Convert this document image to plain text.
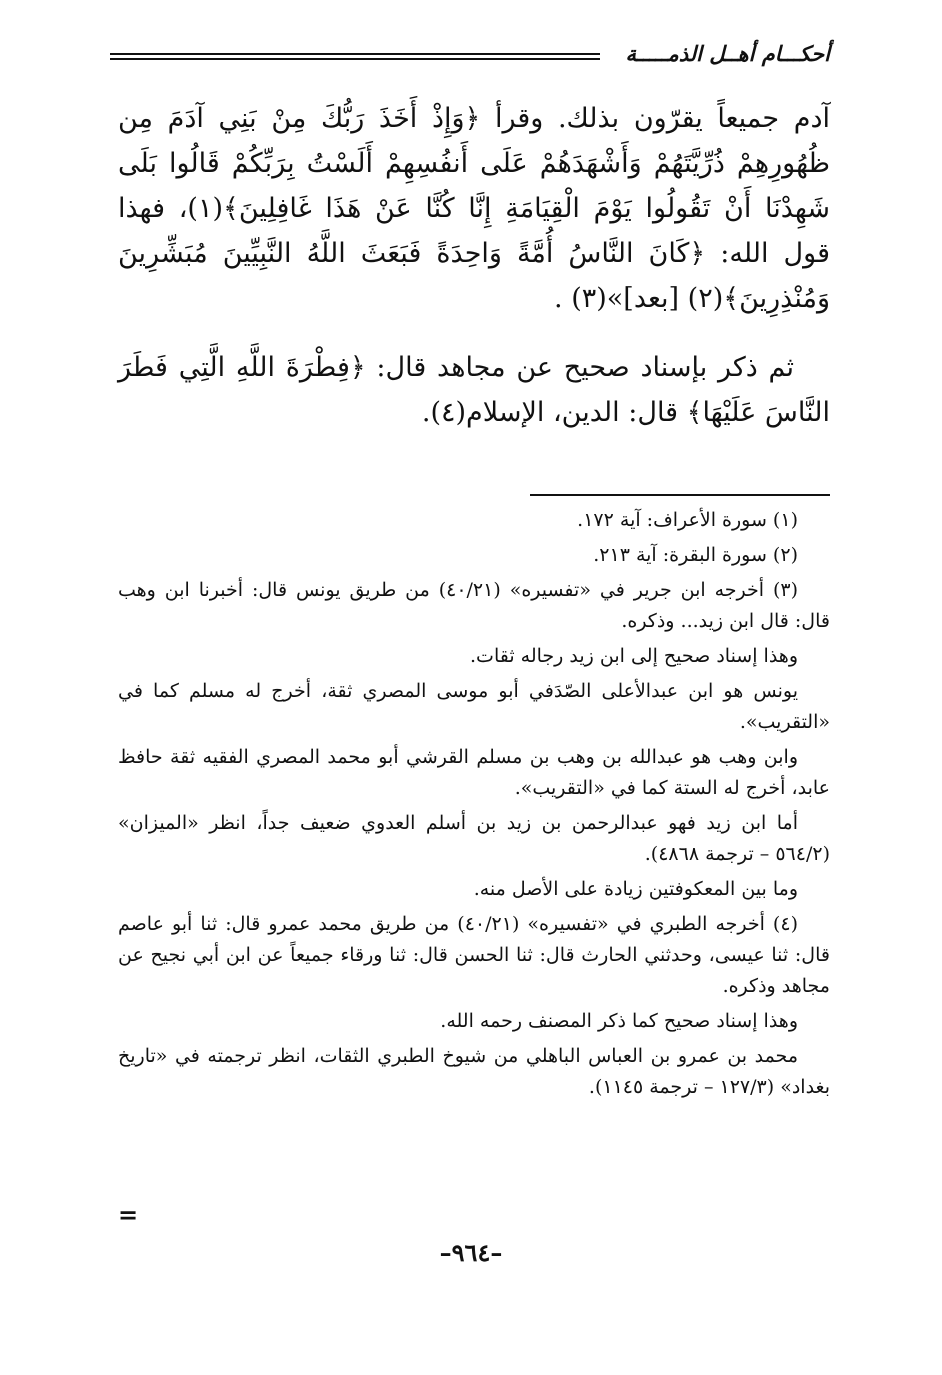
أحكـــام أهــل الذمـــــة

آدم جميعاً يقرّون بذلك. وقرأ ﴿وَإِذْ أَخَذَ رَبُّكَ مِنْ بَنِي آدَمَ مِن ظُهُورِهِمْ ذُرِّيَّتَهُمْ وَأَشْهَدَهُمْ عَلَى أَنفُسِهِمْ أَلَسْتُ بِرَبِّكُمْ قَالُوا بَلَى شَهِدْنَا أَنْ تَقُولُوا يَوْمَ الْقِيَامَةِ إِنَّا كُنَّا عَنْ هَذَا غَافِلِينَ﴾(١)، فهذا قول الله: ﴿كَانَ النَّاسُ أُمَّةً وَاحِدَةً فَبَعَثَ اللَّهُ النَّبِيِّينَ مُبَشِّرِينَ وَمُنْذِرِينَ﴾(٢) [بعد]»(٣) .

ثم ذكر بإسناد صحيح عن مجاهد قال: ﴿فِطْرَةَ اللَّهِ الَّتِي فَطَرَ النَّاسَ عَلَيْهَا﴾ قال: الدين، الإسلام(٤).

(١) سورة الأعراف: آية ١٧٢.

(٢) سورة البقرة: آية ٢١٣.

(٣) أخرجه ابن جرير في «تفسيره» (٤٠/٢١) من طريق يونس قال: أخبرنا ابن وهب قال: قال ابن زيد... وذكره.

وهذا إسناد صحيح إلى ابن زيد رجاله ثقات.

يونس هو ابن عبدالأعلى الصّدَفي أبو موسى المصري ثقة، أخرج له مسلم كما في «التقريب».

وابن وهب هو عبدالله بن وهب بن مسلم القرشي أبو محمد المصري الفقيه ثقة حافظ عابد، أخرج له الستة كما في «التقريب».

أما ابن زيد فهو عبدالرحمن بن زيد بن أسلم العدوي ضعيف جداً، انظر «الميزان» (٥٦٤/٢ – ترجمة ٤٨٦٨).

وما بين المعكوفتين زيادة على الأصل منه.

(٤) أخرجه الطبري في «تفسيره» (٤٠/٢١) من طريق محمد عمرو قال: ثنا أبو عاصم قال: ثنا عيسى، وحدثني الحارث قال: ثنا الحسن قال: ثنا ورقاء جميعاً عن ابن أبي نجيح عن مجاهد وذكره.

وهذا إسناد صحيح كما ذكر المصنف رحمه الله.

محمد بن عمرو بن العباس الباهلي من شيوخ الطبري الثقات، انظر ترجمته في «تاريخ بغداد» (١٢٧/٣ – ترجمة ١١٤٥).

=
–٩٦٤–
